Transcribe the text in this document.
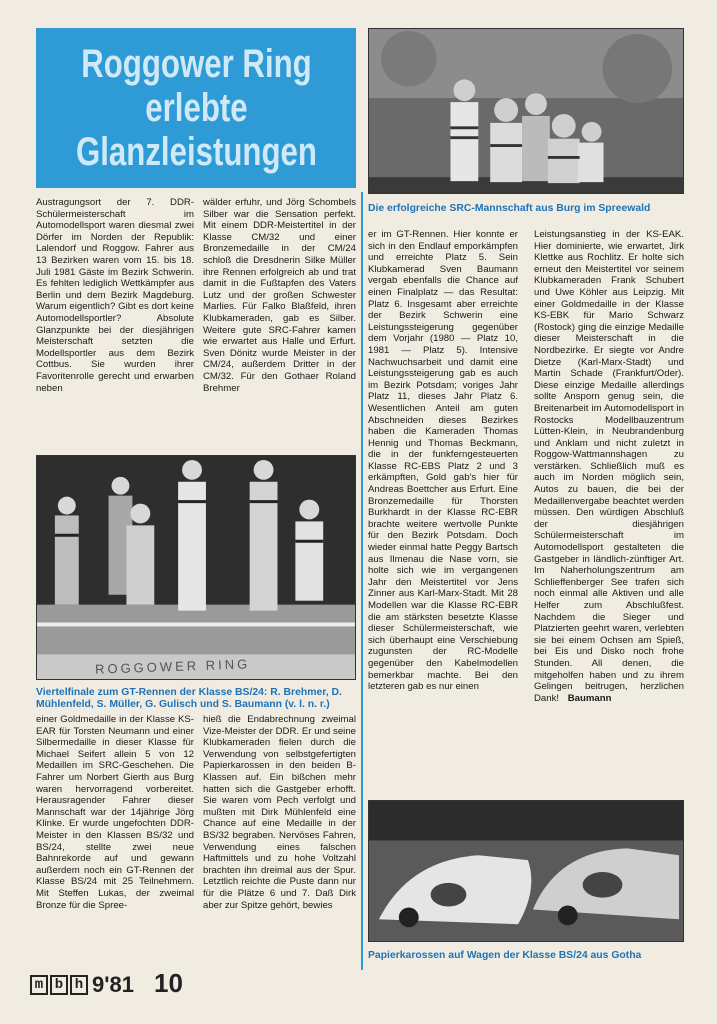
Roggower Ring
erlebte
Glanzleistungen
Die erfolgreiche SRC-Mannschaft aus Burg im Spreewald
Austragungsort der 7. DDR-Schülermeisterschaft im Automodellsport waren diesmal zwei Dörfer im Norden der Republik: Lalendorf und Roggow. Fahrer aus 13 Bezirken waren vom 15. bis 18. Juli 1981 Gäste im Bezirk Schwerin. Es fehlten lediglich Wettkämpfer aus Berlin und dem Bezirk Magdeburg. Warum eigentlich? Gibt es dort keine Automodellsportler? Absolute Glanzpunkte bei der diesjährigen Meisterschaft setzten die Modellsportler aus dem Bezirk Cottbus. Sie wurden ihrer Favoritenrolle gerecht und erwarben neben
wälder erfuhr, und Jörg Schombels Silber war die Sensation perfekt. Mit einem DDR-Meistertitel in der Klasse CM/32 und einer Bronzemedaille in der CM/24 schloß die Dresdnerin Silke Müller ihre Rennen erfolgreich ab und trat damit in die Fußtapfen des Vaters Lutz und der großen Schwester Marlies. Für Falko Blaßfeld, ihren Klubkameraden, gab es Silber. Weitere gute SRC-Fahrer kamen wie erwartet aus Halle und Erfurt. Sven Dönitz wurde Meister in der CM/24, außerdem Dritter in der CM/32. Für den Gothaer Roland Brehmer
er im GT-Rennen. Hier konnte er sich in den Endlauf emporkämpfen und erreichte Platz 5. Sein Klubkamerad Sven Baumann vergab ebenfalls die Chance auf einen Finalplatz — das Resultat: Platz 6. Insgesamt aber erreichte der Bezirk Schwerin eine Leistungssteigerung gegenüber dem Vorjahr (1980 — Platz 10, 1981 — Platz 5). Intensive Nachwuchsarbeit und damit eine Leistungssteigerung gab es auch im Bezirk Potsdam; voriges Jahr Platz 11, dieses Jahr Platz 6. Wesentlichen Anteil am guten Abschneiden dieses Bezirkes haben die Kameraden Thomas Hennig und Thomas Beckmann, die in der funkferngesteuerten Klasse RC-EBS Platz 2 und 3 erkämpften, Gold gab's hier für Andreas Boettcher aus Erfurt. Eine Bronzemedaille für Thorsten Burkhardt in der Klasse RC-EBR brachte weitere wertvolle Punkte für den Bezirk Potsdam. Doch wieder einmal hatte Peggy Bartsch aus Ilmenau die Nase vorn, sie holte sich wie im vergangenen Jahr den Meistertitel vor Jens Zinner aus Karl-Marx-Stadt. Mit 28 Modellen war die Klasse RC-EBR die am stärksten besetzte Klasse dieser Schülermeisterschaft, wie sich überhaupt eine Verschiebung zugunsten der RC-Modelle gegenüber den Kabelmodellen bemerkbar machte. Bei den letzteren gab es nur einen
Leistungsanstieg in der KS-EAK. Hier dominierte, wie erwartet, Jirk Klettke aus Rochlitz. Er holte sich erneut den Meistertitel vor seinem Klubkameraden Frank Schubert und Uwe Köhler aus Leipzig. Mit einer Goldmedaille in der Klasse KS-EBK für Mario Schwarz (Rostock) ging die einzige Medaille dieser Meisterschaft in die Nordbezirke. Er siegte vor Andre Dietze (Karl-Marx-Stadt) und Martin Schade (Frankfurt/Oder). Diese einzige Medaille allerdings sollte Ansporn genug sein, die Breitenarbeit im Automodellsport in Rostocks Modellbauzentrum Lütten-Klein, in Neubrandenburg und Anklam und nicht zuletzt in Roggow-Wattmannshagen zu verstärken. Schließlich muß es auch im Norden möglich sein, Autos zu bauen, die bei der Medaillenvergabe beachtet werden müssen. Den würdigen Abschluß der diesjährigen Schülermeisterschaft im Automodellsport gestalteten die Gastgeber in ländlich-zünftiger Art. Im Naherholungszentrum am Schlieffenberger See trafen sich noch einmal alle Aktiven und alle Helfer zum Abschlußfest. Nachdem die Sieger und Platzierten geehrt waren, verlebten sie bei einem Ochsen am Spieß, bei Eis und Disko noch frohe Stunden. All denen, die mitgeholfen haben und zu ihrem Gelingen beitrugen, herzlichen Dank! Baumann
ROGGOWER RING
Viertelfinale zum GT-Rennen der Klasse BS/24: R. Brehmer, D. Mühlenfeld, S. Müller, G. Gulisch und S. Baumann (v. l. n. r.)
einer Goldmedaille in der Klasse KS-EAR für Torsten Neumann und einer Silbermedaille in dieser Klasse für Michael Seifert allein 5 von 12 Medaillen im SRC-Geschehen. Die Fahrer um Norbert Gierth aus Burg waren hervorragend vorbereitet. Herausragender Fahrer dieser Mannschaft war der 14jährige Jörg Klinke. Er wurde ungefochten DDR-Meister in den Klassen BS/32 und BS/24, stellte zwei neue Bahnrekorde auf und gewann außerdem noch ein GT-Rennen der Klasse BS/24 mit 25 Teilnehmern. Mit Steffen Lukas, der zweimal Bronze für die Spree-
hieß die Endabrechnung zweimal Vize-Meister der DDR. Er und seine Klubkameraden fielen durch die Verwendung von selbstgefertigten Papierkarossen in den beiden B-Klassen auf. Ein bißchen mehr hatten sich die Gastgeber erhofft. Sie waren vom Pech verfolgt und mußten mit Dirk Mühlenfeld eine Chance auf eine Medaille in der BS/32 begraben. Nervöses Fahren, Verwendung eines falschen Haftmittels und zu hohe Voltzahl brachten ihn dreimal aus der Spur. Letztlich reichte die Puste dann nur für die Plätze 6 und 7. Daß Dirk aber zur Spitze gehört, bewies
Papierkarossen auf Wagen der Klasse BS/24 aus Gotha
m b h 9'81 10
